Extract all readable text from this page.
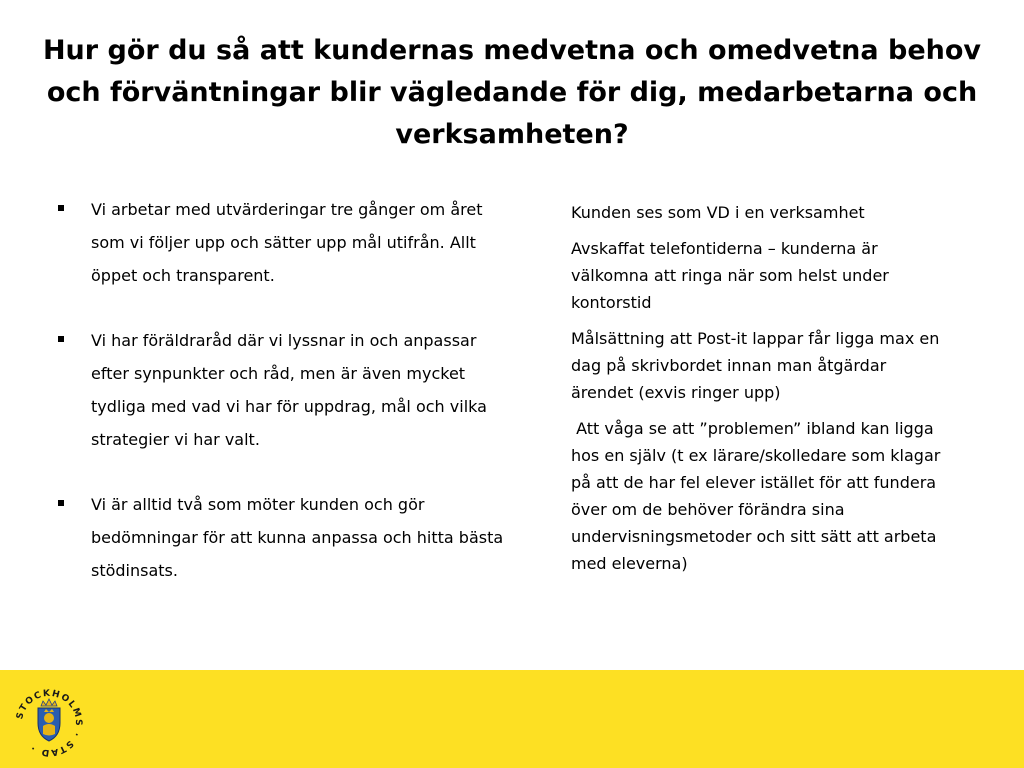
Hur gör du så att kundernas medvetna och omedvetna behov och förväntningar blir vägledande för dig, medarbetarna och verksamheten?
Vi arbetar med utvärderingar tre gånger om året som vi följer upp och sätter upp mål utifrån. Allt öppet och transparent.
Vi har föräldraråd där vi lyssnar in och anpassar efter synpunkter och råd, men är även mycket tydliga med vad vi har för uppdrag, mål och vilka strategier vi har valt.
Vi är alltid två som möter kunden och gör bedömningar för att kunna anpassa och hitta bästa stödinsats.

Kunden ses som VD i en verksamhet

Avskaffat telefontiderna – kunderna är välkomna att ringa när som helst under kontorstid

Målsättning att Post-it lappar får ligga max en dag på skrivbordet innan man åtgärdar ärendet (exvis ringer upp)

Att våga se att ”problemen” ibland kan ligga hos en själv (t ex lärare/skolledare som klagar på att de har fel elever istället för att fundera över om de behöver förändra sina undervisningsmetoder och sitt sätt att arbeta med eleverna)

STOCKHOLMS · STAD ·
